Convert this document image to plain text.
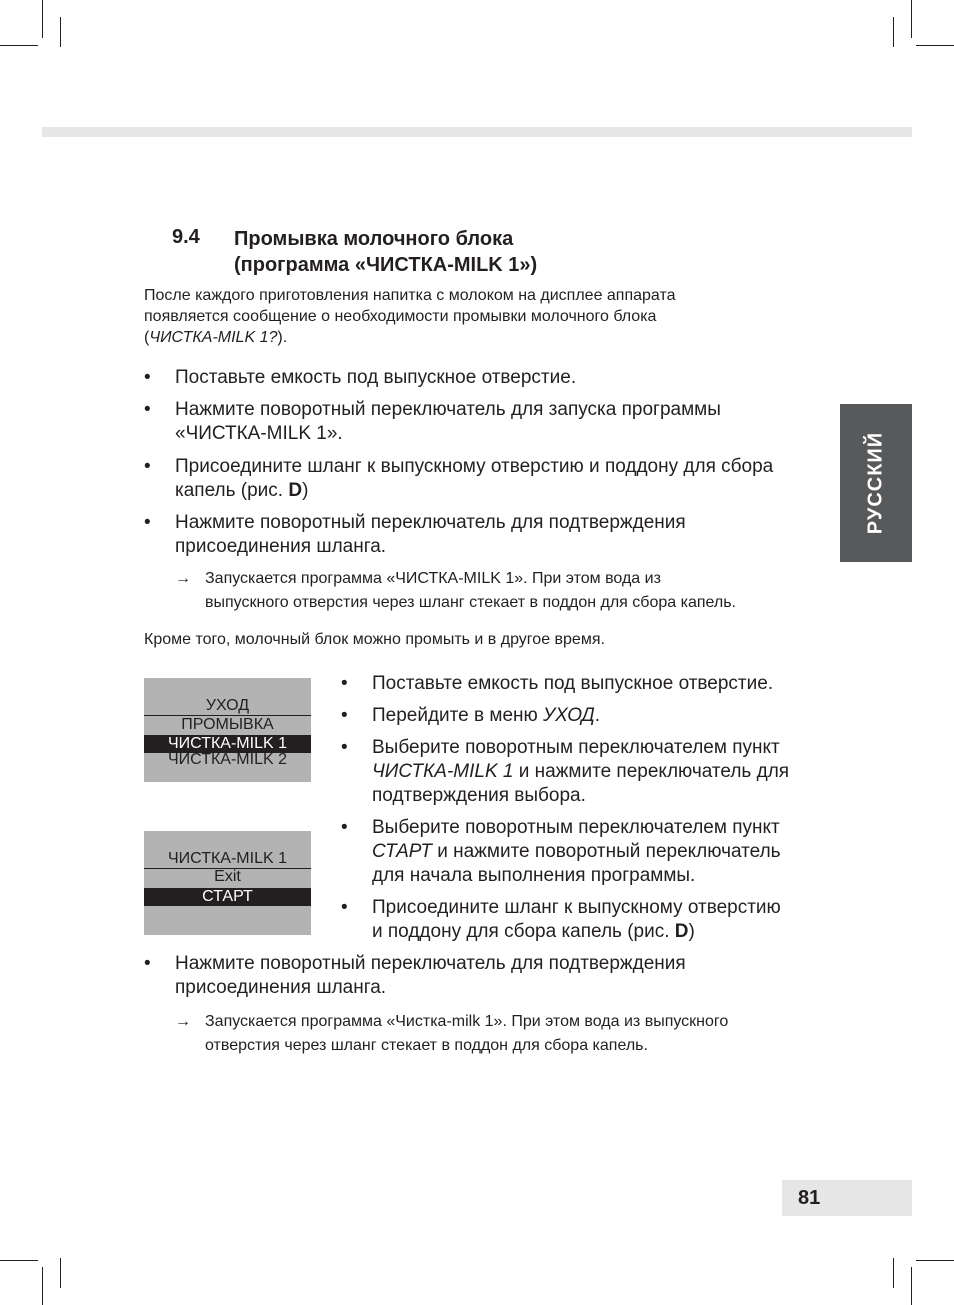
9.4 Промывка молочного блока
(программа «ЧИСТКА-MILK 1»)
После каждого приготовления напитка с молоком на дисплее аппарата
появляется сообщение о необходимости промывки молочного блока
(ЧИСТКА-MILK 1?).
• Поставьте емкость под выпускное отверстие.
• Нажмите поворотный переключатель для запуска программы
«ЧИСТКА-MILK 1».
• Присоедините шланг к выпускному отверстию и поддону для сбора
капель (рис. D)
• Нажмите поворотный переключатель для подтверждения
присоединения шланга.
→ Запускается программа «ЧИСТКА-MILK 1». При этом вода из
выпускного отверстия через шланг стекает в поддон для сбора капель.
Кроме того, молочный блок можно промыть и в другое время.
УХОД
ПРОМЫВКА
ЧИСТКА-MILK 1
ЧИСТКА-MILK 2
ЧИСТКА-MILK 1
Exit
СТАРТ
• Поставьте емкость под выпускное отверстие.
• Перейдите в меню УХОД.
• Выберите поворотным переключателем пункт
ЧИСТКА-MILK 1 и нажмите переключатель для
подтверждения выбора.
• Выберите поворотным переключателем пункт
СТАРТ и нажмите поворотный переключатель
для начала выполнения программы.
• Присоедините шланг к выпускному отверстию
и поддону для сбора капель (рис. D)
• Нажмите поворотный переключатель для подтверждения
присоединения шланга.
→ Запускается программа «Чистка-milk 1». При этом вода из выпускного
отверстия через шланг стекает в поддон для сбора капель.
РУССКИЙ
81
